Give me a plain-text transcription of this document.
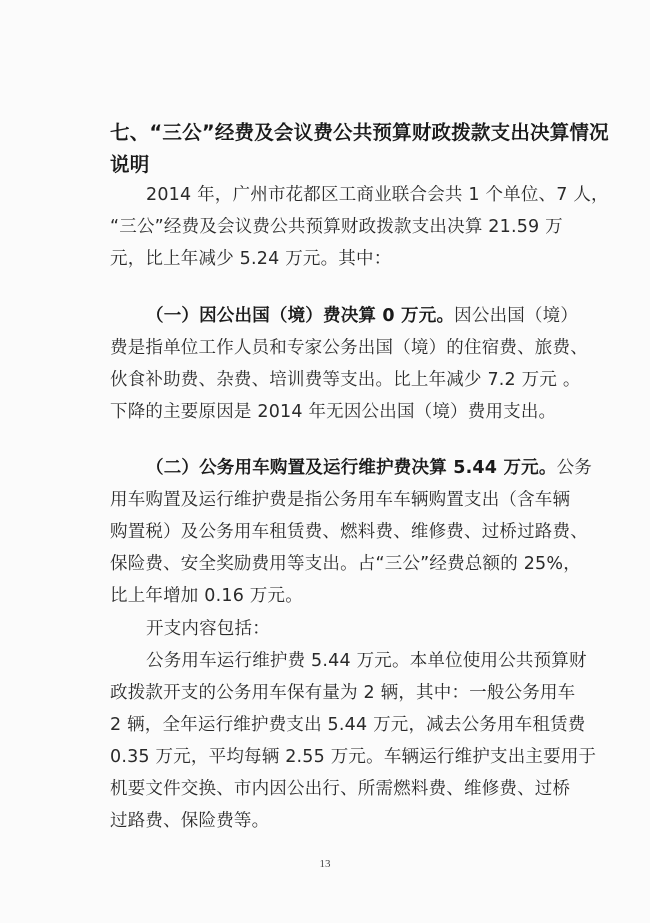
七、“三公”经费及会议费公共预算财政拨款支出决算情况
说明
2014 年，广州市花都区工商业联合会共 1 个单位、7 人，
“三公”经费及会议费公共预算财政拨款支出决算 21.59 万
元，比上年减少 5.24 万元。其中：
（一）因公出国（境）费决算 0 万元。因公出国（境）
费是指单位工作人员和专家公务出国（境）的住宿费、旅费、
伙食补助费、杂费、培训费等支出。比上年减少 7.2 万元 。
下降的主要原因是 2014 年无因公出国（境）费用支出。
（二）公务用车购置及运行维护费决算 5.44 万元。公务
用车购置及运行维护费是指公务用车车辆购置支出（含车辆
购置税）及公务用车租赁费、燃料费、维修费、过桥过路费、
保险费、安全奖励费用等支出。占“三公”经费总额的 25%，
比上年增加 0.16 万元。
开支内容包括：
公务用车运行维护费 5.44 万元。本单位使用公共预算财
政拨款开支的公务用车保有量为 2 辆，其中：一般公务用车
2 辆，全年运行维护费支出 5.44 万元，减去公务用车租赁费
0.35 万元，平均每辆 2.55 万元。车辆运行维护支出主要用于
机要文件交换、市内因公出行、所需燃料费、维修费、过桥
过路费、保险费等。
13
